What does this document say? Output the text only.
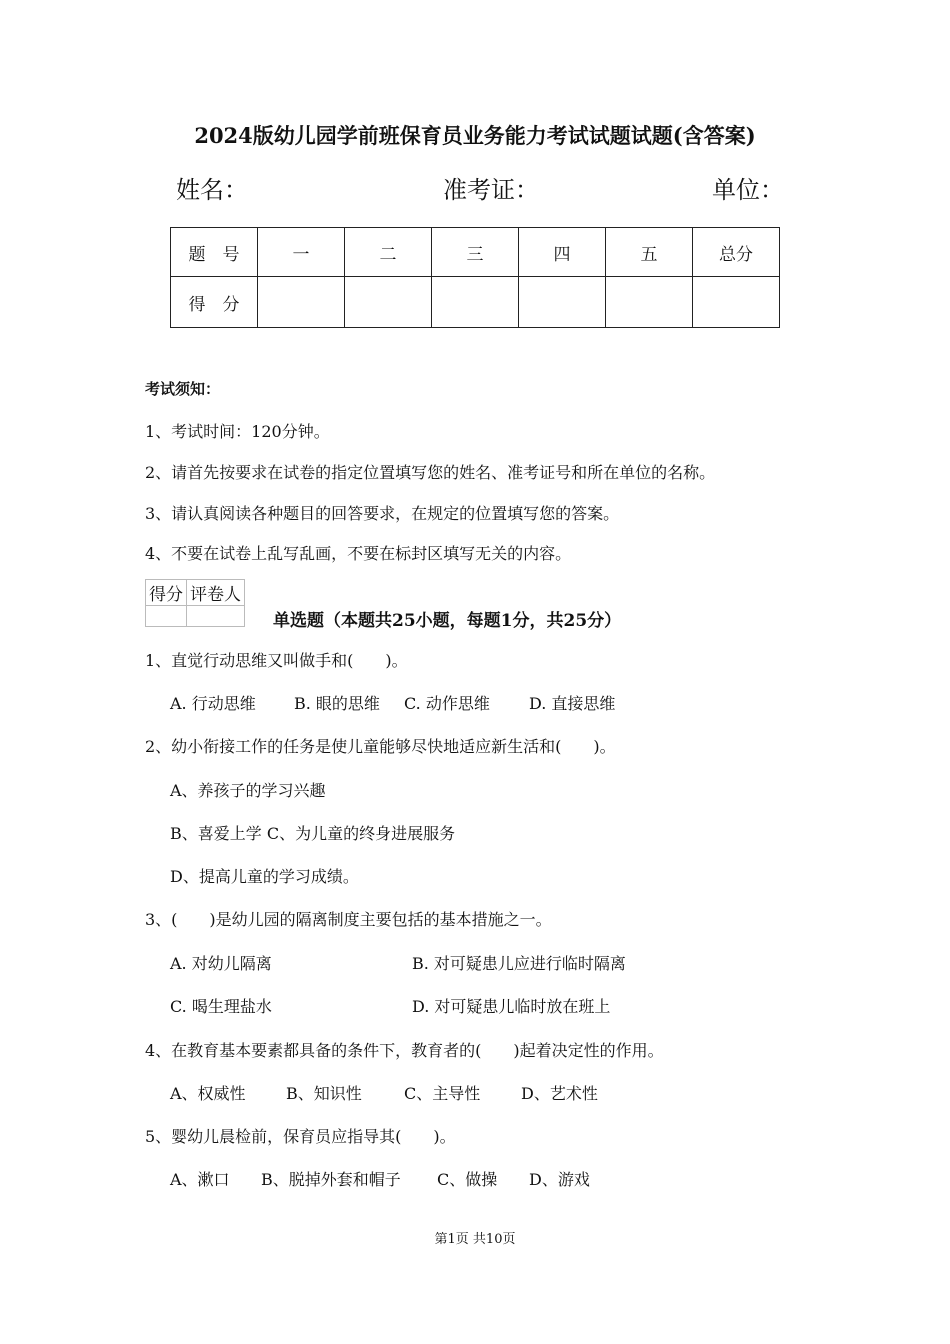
2024版幼儿园学前班保育员业务能力考试试题试题(含答案)
姓名：	准考证：	单位：
题　号	一	二	三	四	五	总分
得　分						
考试须知：
1、考试时间：120分钟。
2、请首先按要求在试卷的指定位置填写您的姓名、准考证号和所在单位的名称。
3、请认真阅读各种题目的回答要求，在规定的位置填写您的答案。
4、不要在试卷上乱写乱画，不要在标封区填写无关的内容。
得分	评卷人

单选题（本题共25小题，每题1分，共25分）
1、直觉行动思维又叫做手和(　　)。
A. 行动思维 B. 眼的思维 C. 动作思维 D. 直接思维
2、幼小衔接工作的任务是使儿童能够尽快地适应新生活和(　　)。
A、养孩子的学习兴趣
B、喜爱上学 C、为儿童的终身进展服务
D、提高儿童的学习成绩。
3、(　　)是幼儿园的隔离制度主要包括的基本措施之一。
A. 对幼儿隔离	B. 对可疑患儿应进行临时隔离
C. 喝生理盐水	D. 对可疑患儿临时放在班上
4、在教育基本要素都具备的条件下，教育者的(　　)起着决定性的作用。
A、权威性	B、知识性	C、主导性	D、艺术性
5、婴幼儿晨检前，保育员应指导其(　　)。
A、漱口 B、脱掉外套和帽子 C、做操 D、游戏
第1页 共10页
